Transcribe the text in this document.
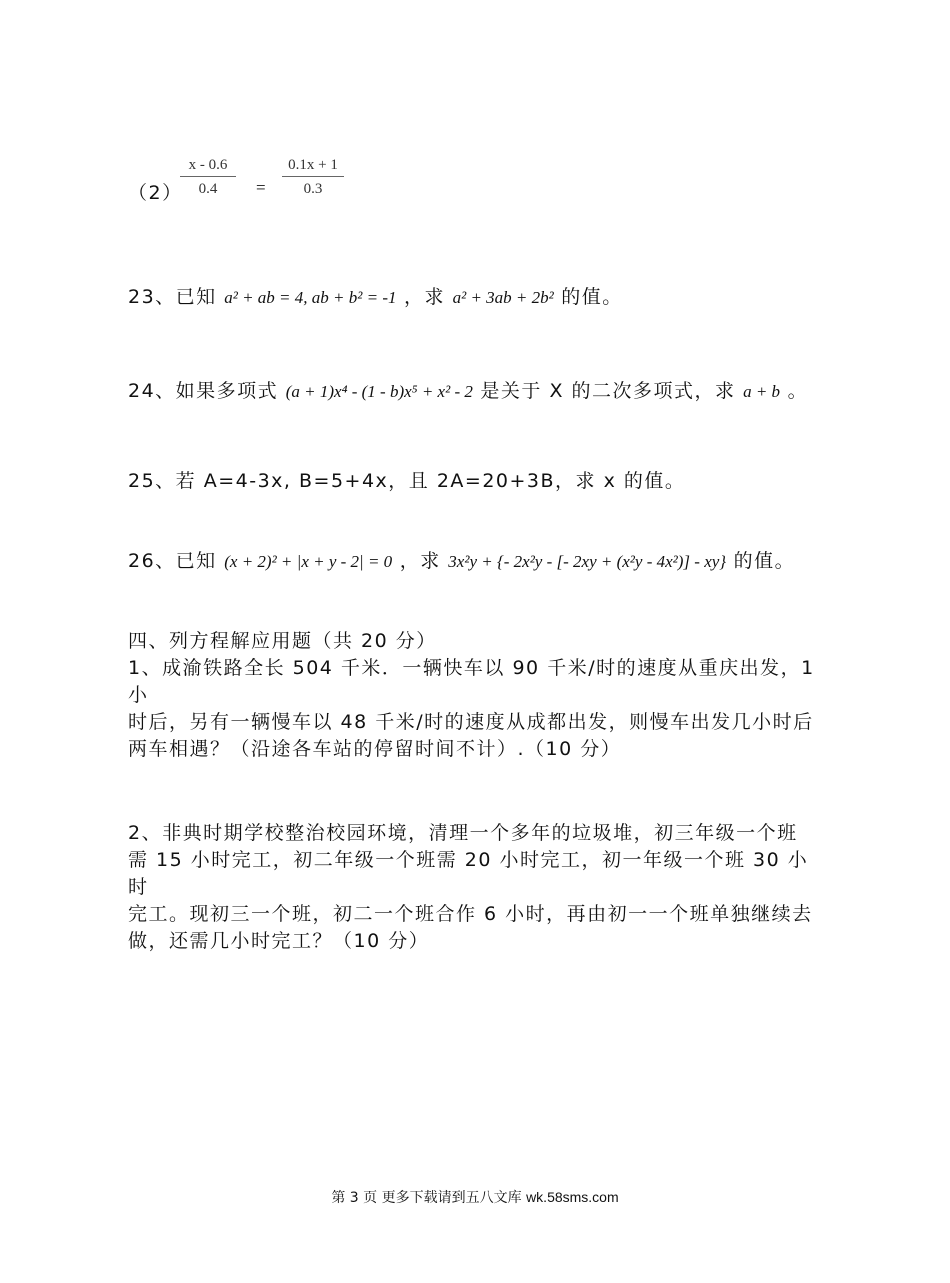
（2）
$\frac{x - 0.6}{0.4} = \frac{0.1x + 1}{0.3}$
23、已知 a² + ab = 4, ab + b² = -1 ，求 a² + 3ab + 2b² 的值。
24、如果多项式 (a + 1)x⁴ - (1 - b)x⁵ + x² - 2 是关于 X 的二次多项式，求 a + b 。
25、若 A=4-3x, B=5+4x，且 2A=20+3B，求 x 的值。
26、已知 (x + 2)² + |x + y - 2| = 0 ，求 3x²y + {- 2x²y - [- 2xy + (x²y - 4x²)] - xy} 的值。
四、列方程解应用题（共 20 分）
1、成渝铁路全长 504 千米．一辆快车以 90 千米/时的速度从重庆出发，1 小
时后，另有一辆慢车以 48 千米/时的速度从成都出发，则慢车出发几小时后
两车相遇？（沿途各车站的停留时间不计）.（10 分）
2、非典时期学校整治校园环境，清理一个多年的垃圾堆，初三年级一个班
需 15 小时完工，初二年级一个班需 20 小时完工，初一年级一个班 30 小时
完工。现初三一个班，初二一个班合作 6 小时，再由初一一个班单独继续去
做，还需几小时完工？（10 分）
第 3 页 更多下载请到五八文库 wk.58sms.com
